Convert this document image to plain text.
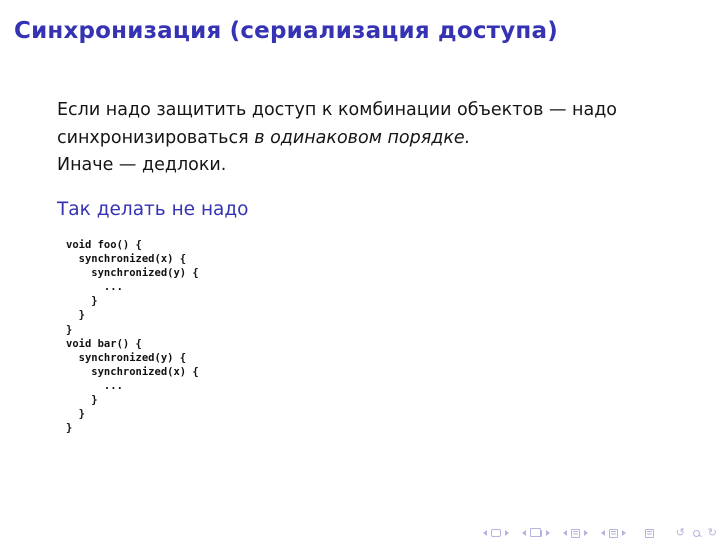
Синхронизация (сериализация доступа)
Если надо защитить доступ к комбинации объектов — надо
синхронизироваться в одинаковом порядке.
Иначе — дедлоки.
Так делать не надо
void foo() {
synchronized(x) {
synchronized(y) {
...
}
}
}
void bar() {
synchronized(y) {
synchronized(x) {
...
}
}
}
↺ ↻
